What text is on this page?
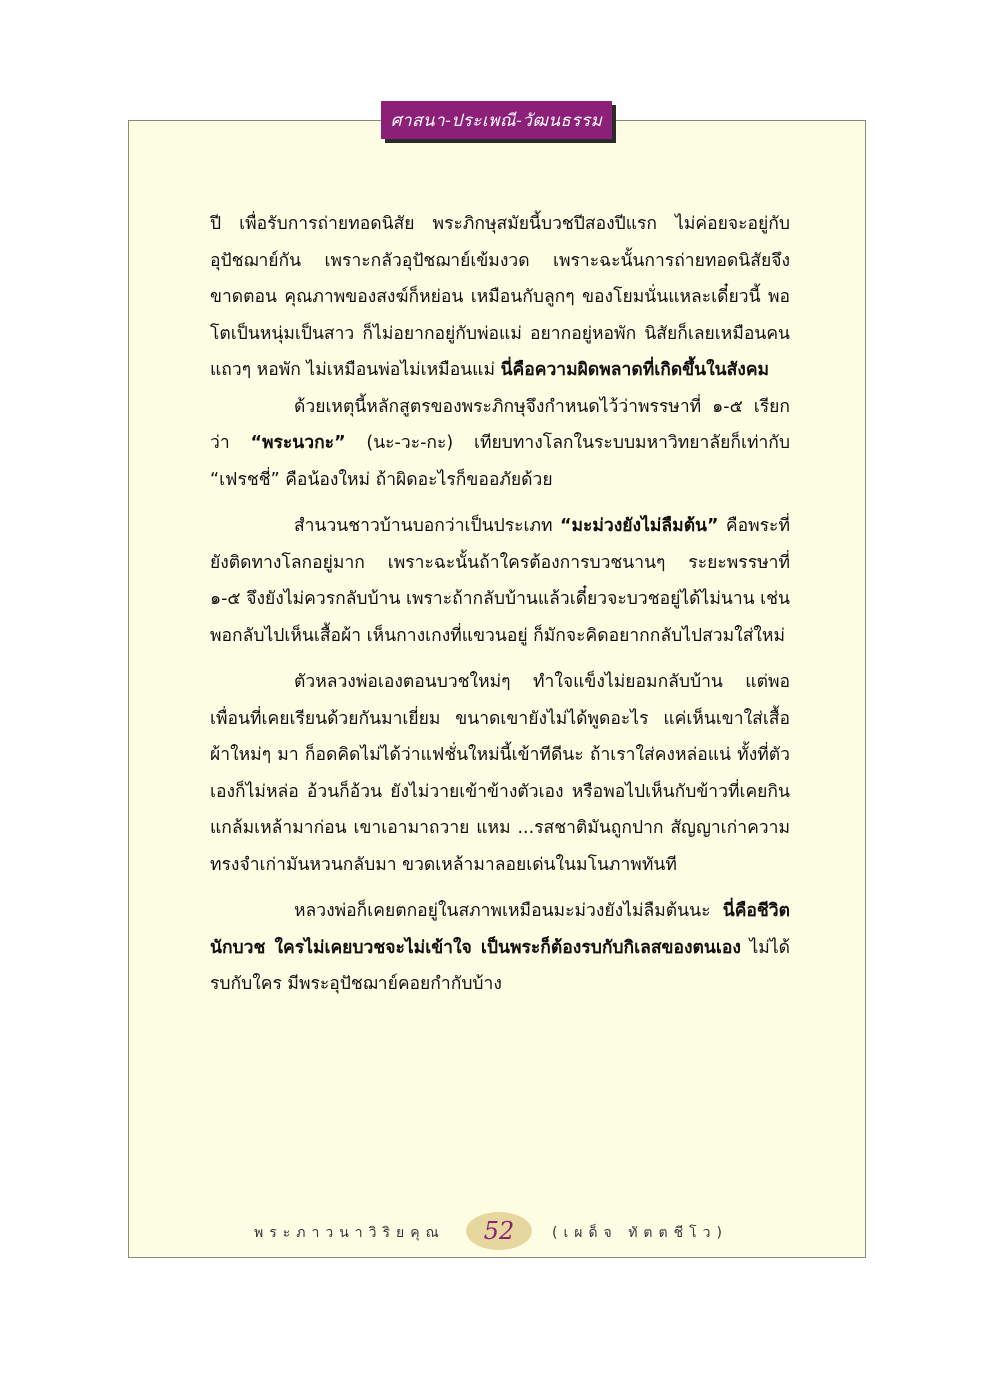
ศาสนา-ประเพณี-วัฒนธรรม

ปี เพื่อรับการถ่ายทอดนิสัย พระภิกษุสมัยนี้บวชปีสองปีแรก ไม่ค่อยจะอยู่กับอุปัชฌาย์กัน เพราะกลัวอุปัชฌาย์เข้มงวด เพราะฉะนั้นการถ่ายทอดนิสัยจึงขาดตอน คุณภาพของสงฆ์ก็หย่อน เหมือนกับลูกๆ ของโยมนั่นแหละเดี๋ยวนี้ พอโตเป็นหนุ่มเป็นสาว ก็ไม่อยากอยู่กับพ่อแม่ อยากอยู่หอพัก นิสัยก็เลยเหมือนคนแถวๆ หอพัก ไม่เหมือนพ่อไม่เหมือนแม่ นี่คือความผิดพลาดที่เกิดขึ้นในสังคม

ด้วยเหตุนี้หลักสูตรของพระภิกษุจึงกำหนดไว้ว่าพรรษาที่ ๑-๕ เรียกว่า “พระนวกะ” (นะ-วะ-กะ) เทียบทางโลกในระบบมหาวิทยาลัยก็เท่ากับ “เฟรชชี่” คือน้องใหม่ ถ้าผิดอะไรก็ขออภัยด้วย

สำนวนชาวบ้านบอกว่าเป็นประเภท “มะม่วงยังไม่ลืมต้น” คือพระที่ยังติดทางโลกอยู่มาก เพราะฉะนั้นถ้าใครต้องการบวชนานๆ ระยะพรรษาที่ ๑-๕ จึงยังไม่ควรกลับบ้าน เพราะถ้ากลับบ้านแล้วเดี๋ยวจะบวชอยู่ได้ไม่นาน เช่น พอกลับไปเห็นเสื้อผ้า เห็นกางเกงที่แขวนอยู่ ก็มักจะคิดอยากกลับไปสวมใส่ใหม่

ตัวหลวงพ่อเองตอนบวชใหม่ๆ ทำใจแข็งไม่ยอมกลับบ้าน แต่พอเพื่อนที่เคยเรียนด้วยกันมาเยี่ยม ขนาดเขายังไม่ได้พูดอะไร แค่เห็นเขาใส่เสื้อผ้าใหม่ๆ มา ก็อดคิดไม่ได้ว่าแฟชั่นใหม่นี้เข้าทีดีนะ ถ้าเราใส่คงหล่อแน่ ทั้งที่ตัวเองก็ไม่หล่อ อ้วนก็อ้วน ยังไม่วายเข้าข้างตัวเอง หรือพอไปเห็นกับข้าวที่เคยกินแกล้มเหล้ามาก่อน เขาเอามาถวาย แหม ...รสชาติมันถูกปาก สัญญาเก่าความทรงจำเก่ามันหวนกลับมา ขวดเหล้ามาลอยเด่นในมโนภาพทันที

หลวงพ่อก็เคยตกอยู่ในสภาพเหมือนมะม่วงยังไม่ลืมต้นนะ นี่คือชีวิตนักบวช ใครไม่เคยบวชจะไม่เข้าใจ เป็นพระก็ต้องรบกับกิเลสของตนเอง ไม่ได้รบกับใคร มีพระอุปัชฌาย์คอยกำกับบ้าง

พระภาวนาวิริยคุณ 52	(เผด็จ ทัตตชีโว)
